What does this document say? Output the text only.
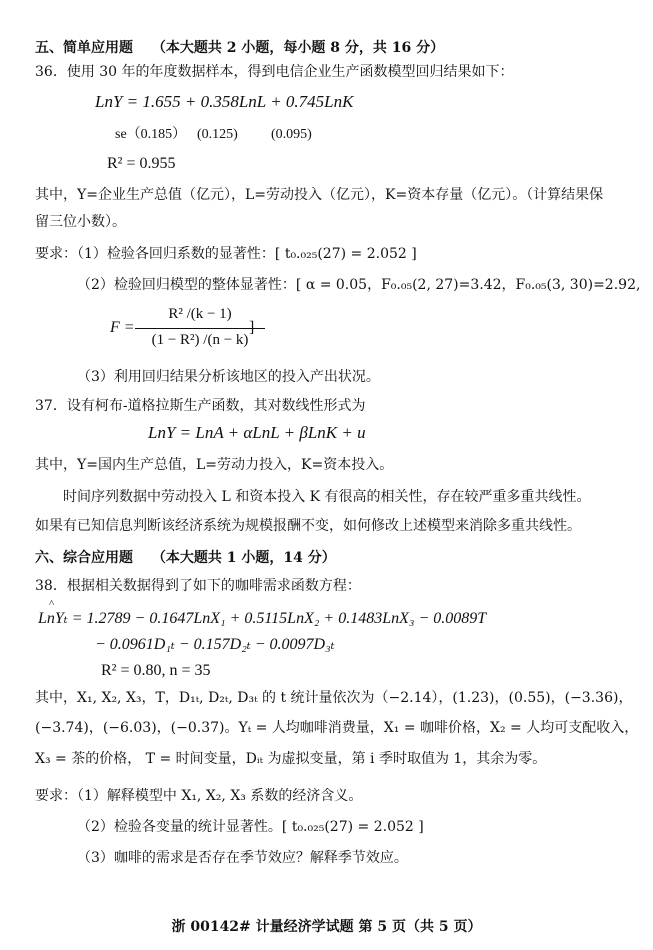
五、简单应用题 （本大题共 2 小题，每小题 8 分，共 16 分）
36．使用 30 年的年度数据样本，得到电信企业生产函数模型回归结果如下：
LnY = 1.655 + 0.358LnL + 0.745LnK
se（0.185） (0.125) (0.095)
R² = 0.955
其中，Y=企业生产总值（亿元），L=劳动投入（亿元），K=资本存量（亿元）。（计算结果保
留三位小数）。
要求：（1）检验各回归系数的显著性：[ t₀.₀₂₅(27) = 2.052 ]
（2）检验回归模型的整体显著性：[ α = 0.05，F₀.₀₅(2, 27)=3.42，F₀.₀₅(3, 30)=2.92,
F =
R² /(k − 1)
(1 − R²) /(n − k)
]
（3）利用回归结果分析该地区的投入产出状况。
37．设有柯布-道格拉斯生产函数，其对数线性形式为
LnY = LnA + αLnL + βLnK + u
其中，Y=国内生产总值，L=劳动力投入，K=资本投入。
时间序列数据中劳动投入 L 和资本投入 K 有很高的相关性，存在较严重多重共线性。
如果有已知信息判断该经济系统为规模报酬不变，如何修改上述模型来消除多重共线性。
六、综合应用题 （本大题共 1 小题，14 分）
38．根据相关数据得到了如下的咖啡需求函数方程：
^
LnYₜ = 1.2789 − 0.1647LnX₁ + 0.5115LnX₂ + 0.1483LnX₃ − 0.0089T
− 0.0961D₁ₜ − 0.157D₂ₜ − 0.0097D₃ₜ
R² = 0.80, n = 35
其中，X₁, X₂, X₃，T，D₁ₜ, D₂ₜ, D₃ₜ 的 t 统计量依次为（−2.14），(1.23)，(0.55)，(−3.36)，
(−3.74)，(−6.03)，(−0.37)。Yₜ = 人均咖啡消费量，X₁ = 咖啡价格，X₂ = 人均可支配收入，
X₃ = 茶的价格， T = 时间变量，Dᵢₜ 为虚拟变量，第 i 季时取值为 1，其余为零。
要求：（1）解释模型中 X₁, X₂, X₃ 系数的经济含义。
（2）检验各变量的统计显著性。[ t₀.₀₂₅(27) = 2.052 ]
（3）咖啡的需求是否存在季节效应？解释季节效应。
浙 00142# 计量经济学试题 第 5 页（共 5 页）
